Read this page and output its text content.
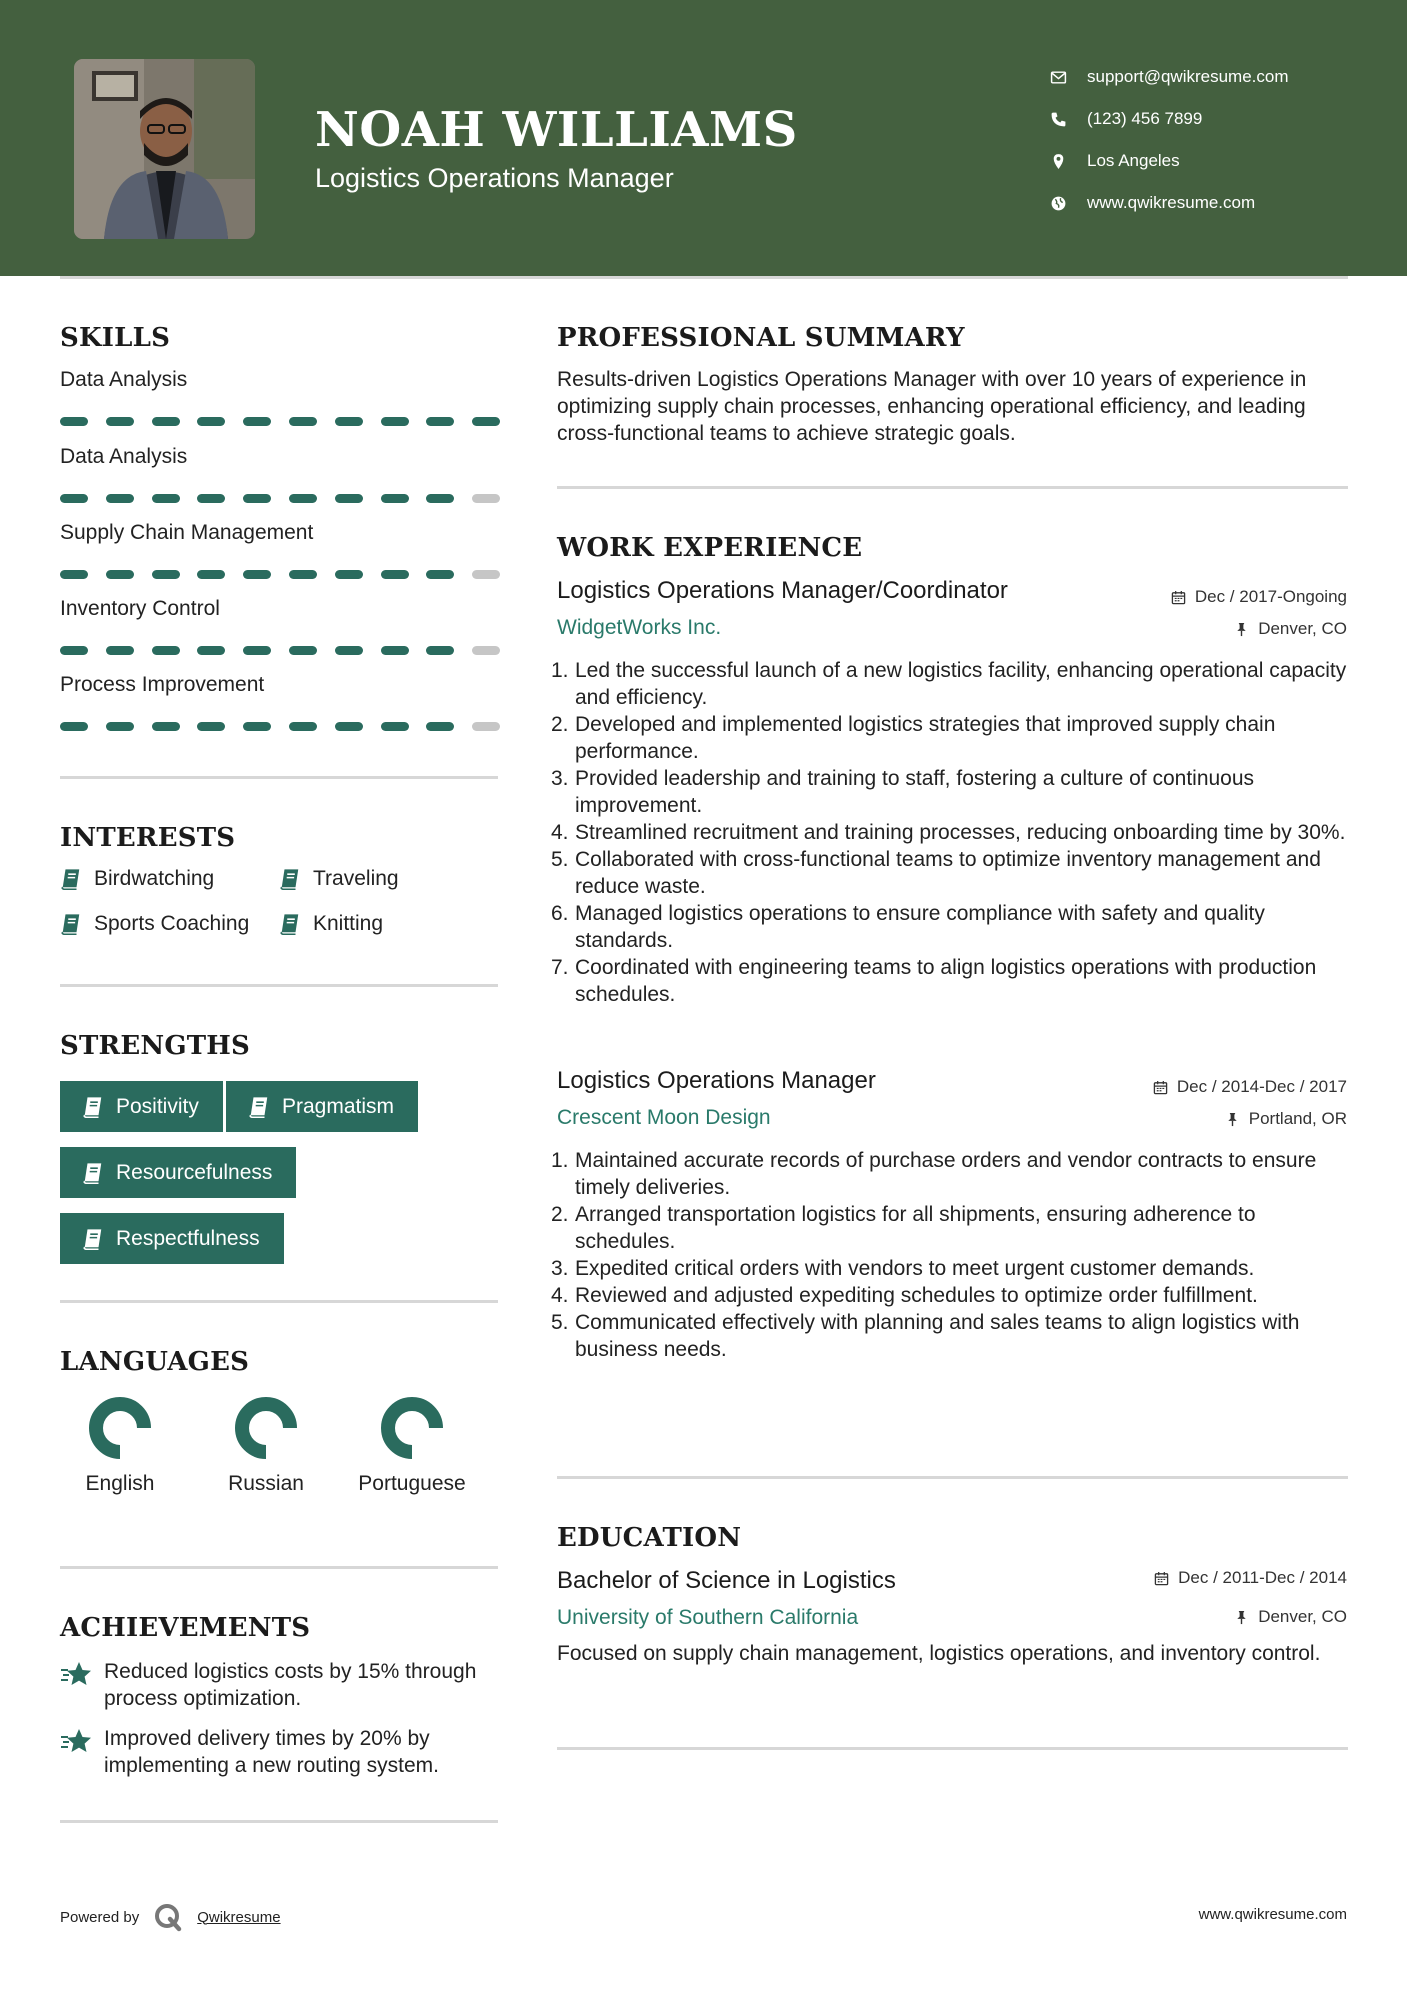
NOAH WILLIAMS
Logistics Operations Manager
support@qwikresume.com
(123) 456 7899
Los Angeles
www.qwikresume.com
SKILLS
Data Analysis
Data Analysis
Supply Chain Management
Inventory Control
Process Improvement
INTERESTS
Birdwatching	Traveling
Sports Coaching	Knitting
STRENGTHS
Positivity	Pragmatism
Resourcefulness
Respectfulness
LANGUAGES
English	Russian	Portuguese
ACHIEVEMENTS
Reduced logistics costs by 15% through process optimization.
Improved delivery times by 20% by implementing a new routing system.
PROFESSIONAL SUMMARY
Results-driven Logistics Operations Manager with over 10 years of experience in optimizing supply chain processes, enhancing operational efficiency, and leading cross-functional teams to achieve strategic goals.
WORK EXPERIENCE
Logistics Operations Manager/Coordinator	Dec / 2017-Ongoing
WidgetWorks Inc.	Denver, CO
1. Led the successful launch of a new logistics facility, enhancing operational capacity and efficiency.
2. Developed and implemented logistics strategies that improved supply chain performance.
3. Provided leadership and training to staff, fostering a culture of continuous improvement.
4. Streamlined recruitment and training processes, reducing onboarding time by 30%.
5. Collaborated with cross-functional teams to optimize inventory management and reduce waste.
6. Managed logistics operations to ensure compliance with safety and quality standards.
7. Coordinated with engineering teams to align logistics operations with production schedules.
Logistics Operations Manager	Dec / 2014-Dec / 2017
Crescent Moon Design	Portland, OR
1. Maintained accurate records of purchase orders and vendor contracts to ensure timely deliveries.
2. Arranged transportation logistics for all shipments, ensuring adherence to schedules.
3. Expedited critical orders with vendors to meet urgent customer demands.
4. Reviewed and adjusted expediting schedules to optimize order fulfillment.
5. Communicated effectively with planning and sales teams to align logistics with business needs.
EDUCATION
Bachelor of Science in Logistics	Dec / 2011-Dec / 2014
University of Southern California	Denver, CO
Focused on supply chain management, logistics operations, and inventory control.
Powered by	Qwikresume	www.qwikresume.com
